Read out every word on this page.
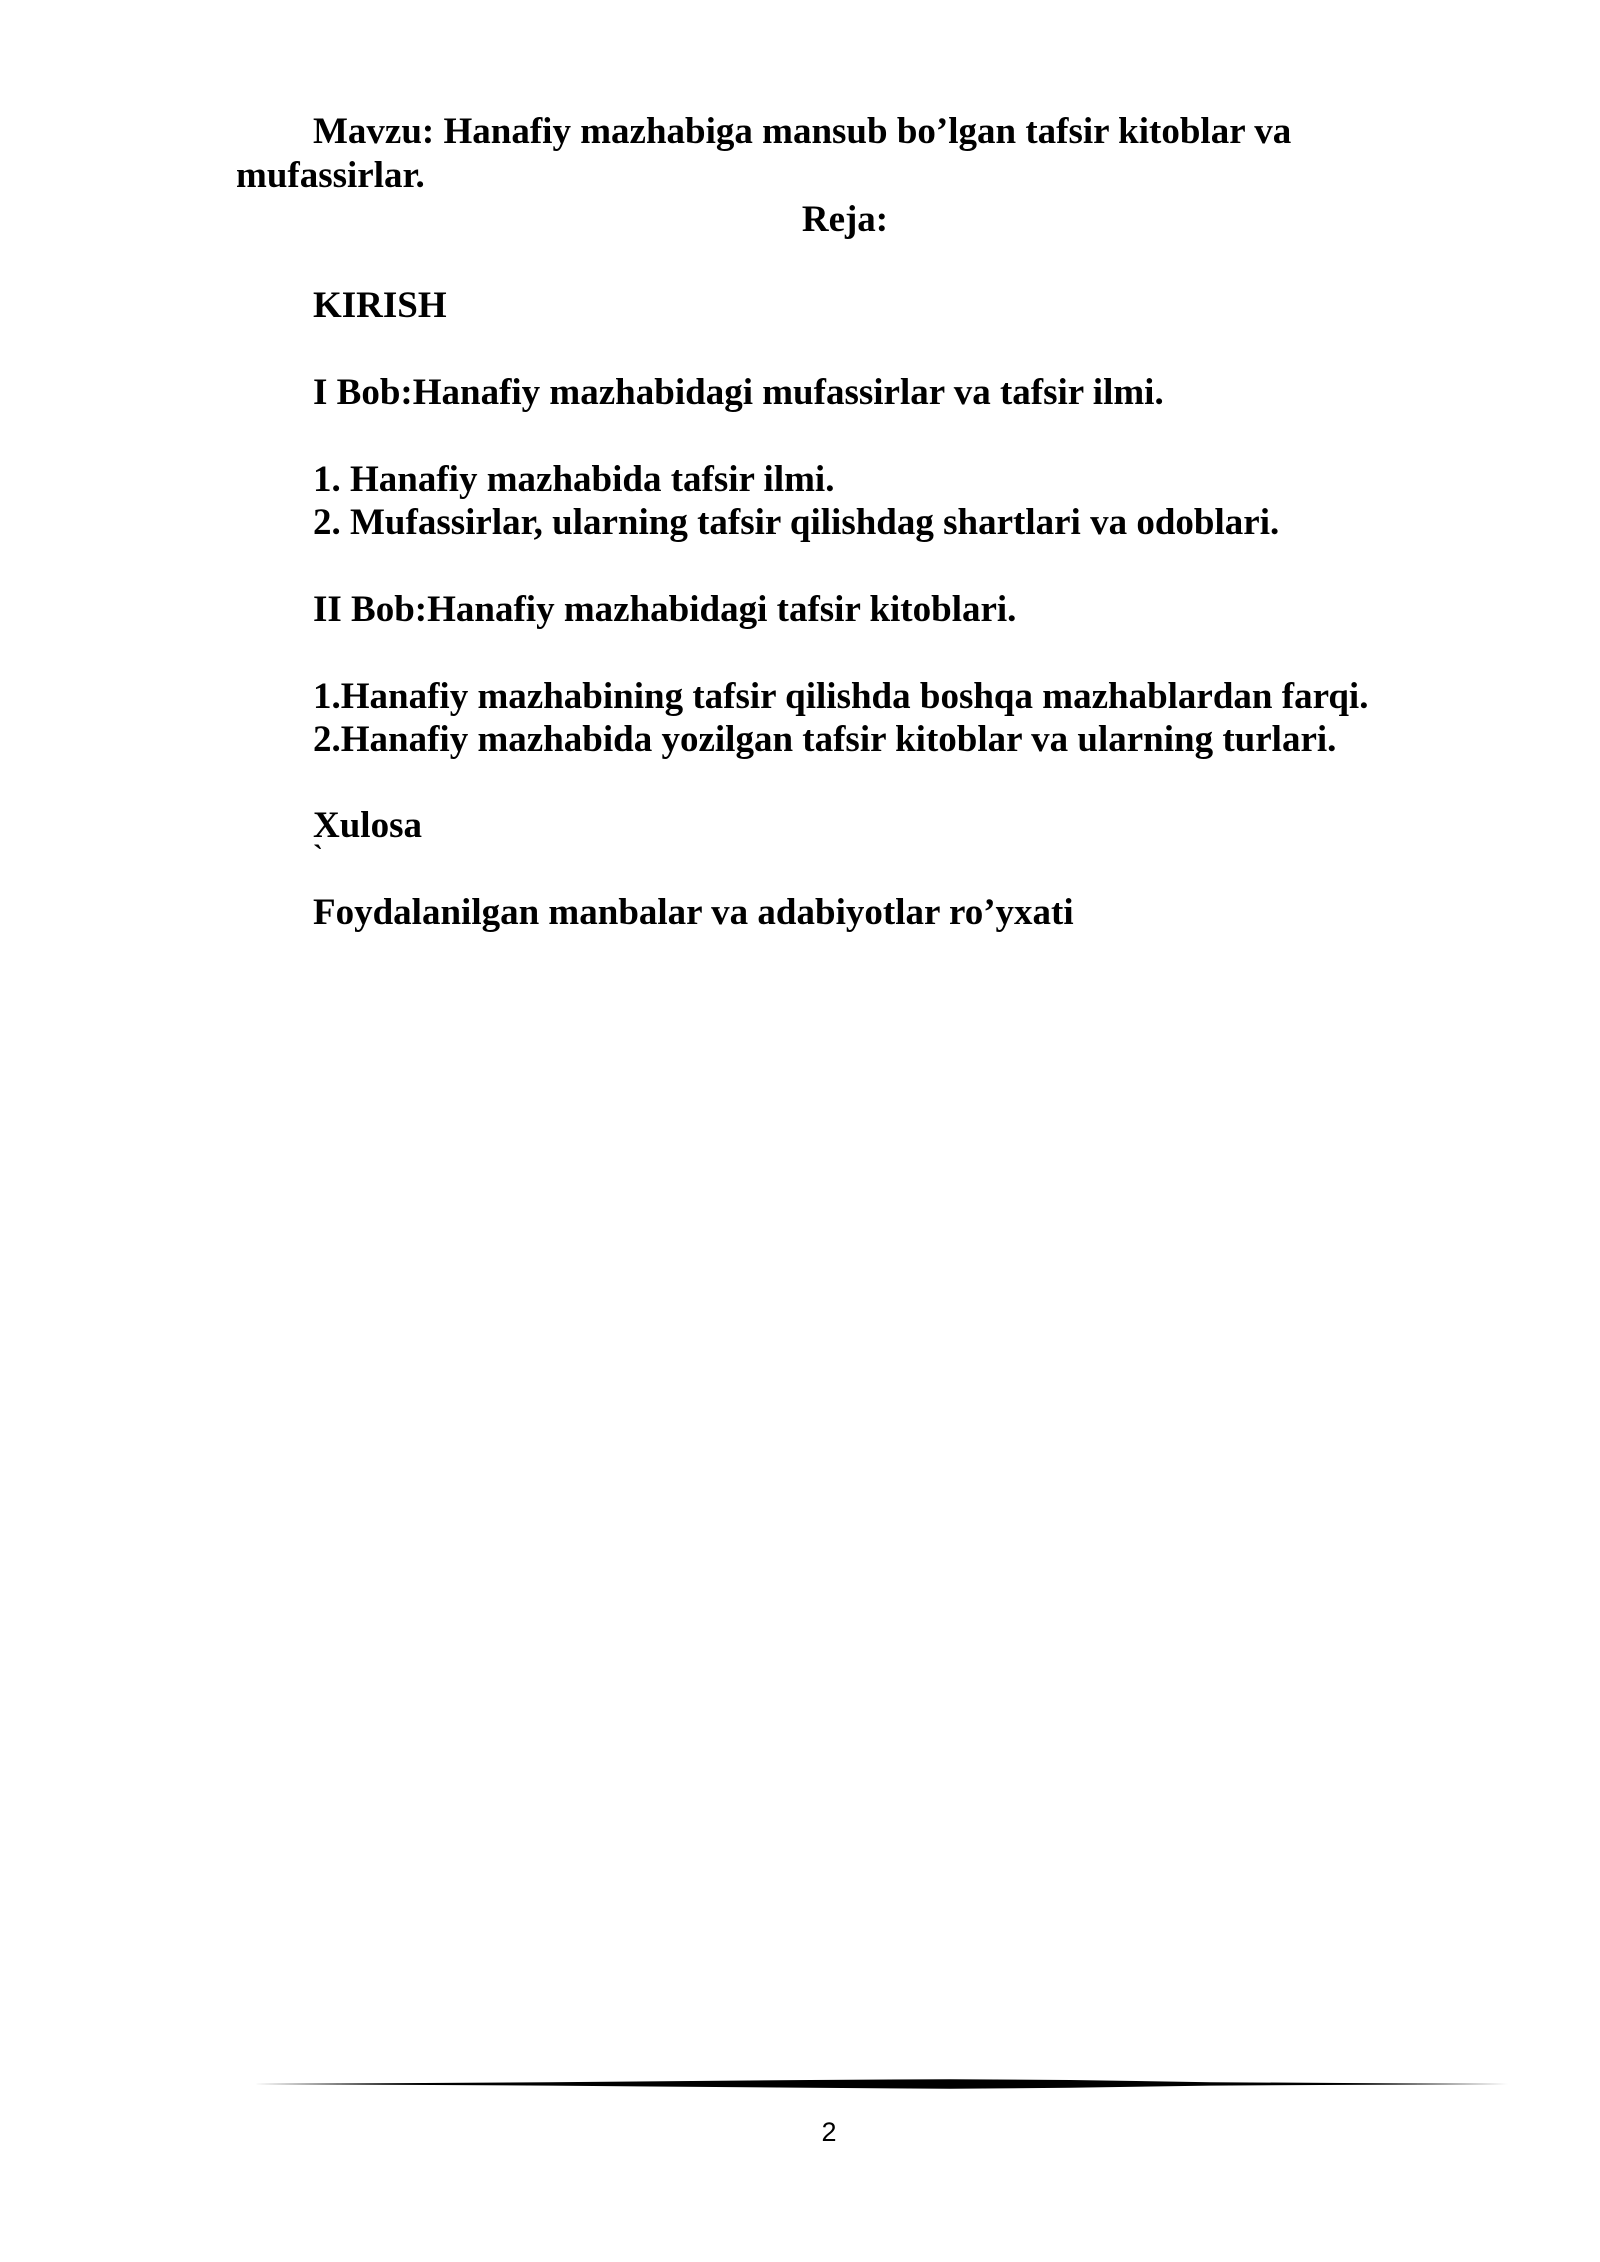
Mavzu: Hanafiy mazhabiga mansub bo’lgan tafsir kitoblar va
mufassirlar.
Reja:
KIRISH
I Bob:Hanafiy mazhabidagi mufassirlar va tafsir ilmi.
1. Hanafiy mazhabida tafsir ilmi.
2. Mufassirlar, ularning tafsir qilishdag shartlari va odoblari.
II Bob:Hanafiy mazhabidagi tafsir kitoblari.
1.Hanafiy mazhabining tafsir qilishda boshqa mazhablardan farqi.
2.Hanafiy mazhabida yozilgan tafsir kitoblar va ularning turlari.
Xulosa
`
Foydalanilgan manbalar va adabiyotlar ro’yxati
2
